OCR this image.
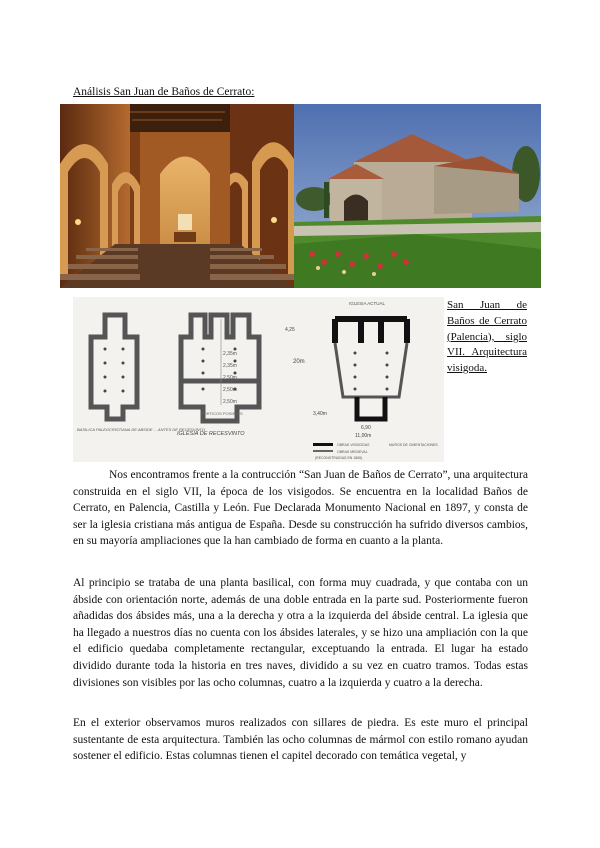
Análisis San Juan de Baños de Cerrato:
2,35m
2,35m
2,50m
2,50m
2,50m
20m
4,25
PORTICOS POSIBLES
IGLESIA DE RECESVINTO
IGLESIA ACTUAL
3,40m
6,90
11,00m
OBRAS VISIGODAS
OBRAS MEDIEVAL
(RECONSTRUIDAS EN 1865)
MUROS DE CIMENTACIONES
BASILICA PALEOCRISTIANA DE ABSIDE ... ANTES DE RECESVINTO
San Juan de Baños de Cerrato (Palencia), siglo VII. Arquitectura visigoda.

Nos encontramos frente a la contrucción “San Juan de Baños de Cerrato”, una arquitectura construida en el siglo VII, la época de los visigodos. Se encuentra en la localidad Baños de Cerrato, en Palencia, Castilla y León. Fue Declarada Monumento Nacional en 1897, y consta de ser la iglesia cristiana más antigua de España. Desde su construcción ha sufrido diversos cambios, en su mayoría ampliaciones que la han cambiado de forma en cuanto a la planta.

Al principio se trataba de una planta basilical, con forma muy cuadrada, y que contaba con un ábside con orientación norte, además de una doble entrada en la parte sud. Posteriormente fueron añadidas dos ábsides más, una a la derecha y otra a la izquierda del ábside central. La iglesia que ha llegado a nuestros días no cuenta con los ábsides laterales, y se hizo una ampliación con la que el edificio quedaba completamente rectangular, exceptuando la entrada. El lugar ha estado dividido durante toda la historia en tres naves, dividido a su vez en cuatro tramos. Todas estas divisiones son visibles por las ocho columnas, cuatro a la izquierda y cuatro a la derecha.

En el exterior observamos muros realizados con sillares de piedra. Es este muro el principal sustentante de esta arquitectura. También las ocho columnas de mármol con estilo romano ayudan sostener el edificio. Estas columnas tienen el capitel decorado con temática vegetal, y
